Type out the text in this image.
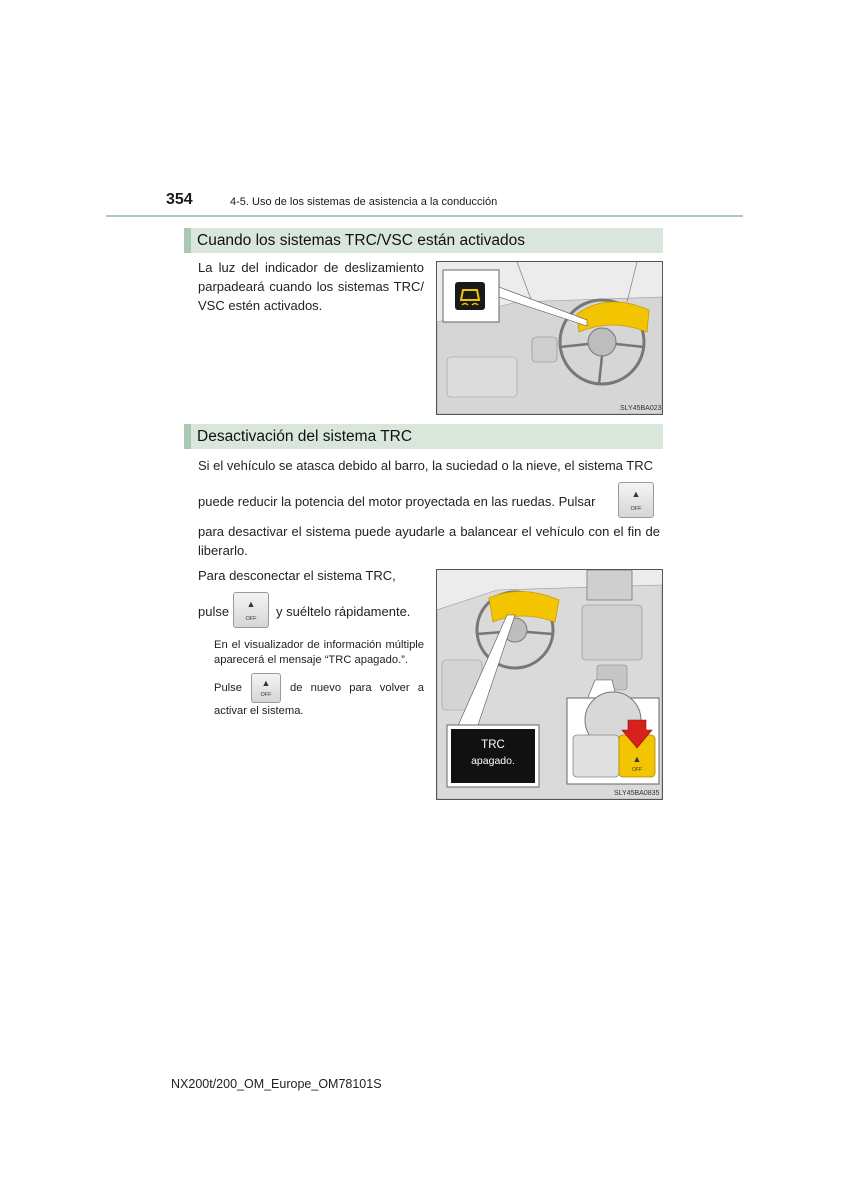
354	4-5. Uso de los sistemas de asistencia a la conducción
Cuando los sistemas TRC/VSC están activados
La luz del indicador de deslizamiento parpadeará cuando los sistemas TRC/ VSC estén activados.
SLY45BA023
Desactivación del sistema TRC
Si el vehículo se atasca debido al barro, la suciedad o la nieve, el sistema TRC
puede reducir la potencia del motor proyectada en las ruedas. Pulsar	▲
OFF
para desactivar el sistema puede ayudarle a balancear el vehículo con el fin de liberarlo.
Para desconectar el sistema TRC,
pulse	▲
OFF	y suéltelo rápidamente.
En el visualizador de información múltiple aparecerá el mensaje “TRC apagado.”.
Pulse	▲
OFF
de nuevo para volver a
activar el sistema.
TRC
apagado.	▲
OFF
SLY45BA0835
NX200t/200_OM_Europe_OM78101S
